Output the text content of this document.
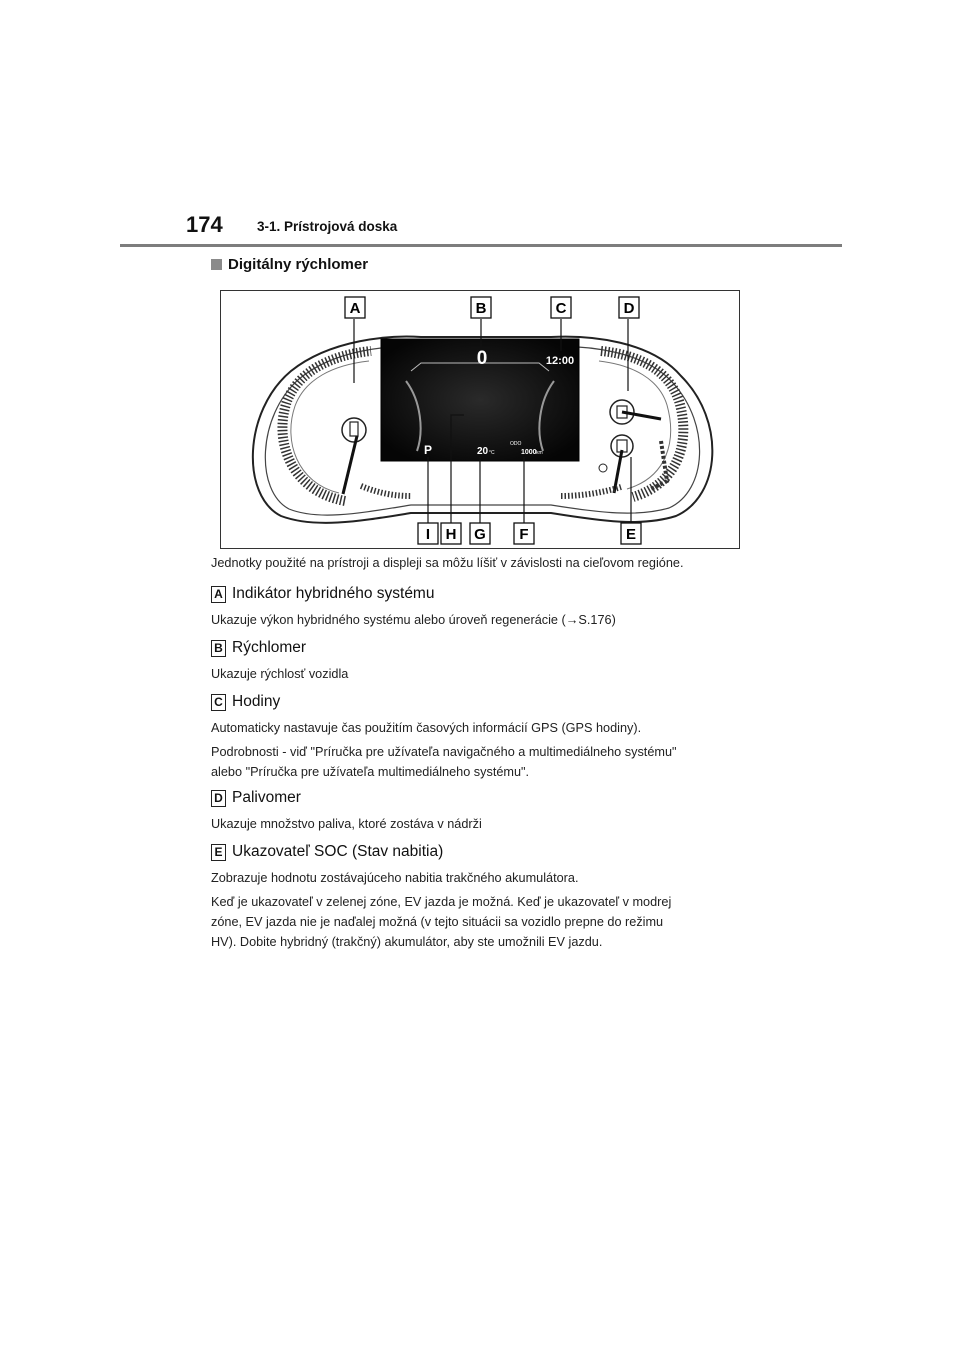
174	3-1. Prístrojová doska
Digitálny rýchlomer
0	12:00
P	20 °C
ODO
1000 km
A	B	C	D
I H G F	E
Jednotky použité na prístroji a displeji sa môžu líšiť v závislosti na cieľovom regióne.
A Indikátor hybridného systému
Ukazuje výkon hybridného systému alebo úroveň regenerácie (→S.176)
B Rýchlomer
Ukazuje rýchlosť vozidla
C Hodiny
Automaticky nastavuje čas použitím časových informácií GPS (GPS hodiny).
Podrobnosti - viď "Príručka pre užívateľa navigačného a multimediálneho systému"
alebo "Príručka pre užívateľa multimediálneho systému".
D Palivomer
Ukazuje množstvo paliva, ktoré zostáva v nádrži
E Ukazovateľ SOC (Stav nabitia)
Zobrazuje hodnotu zostávajúceho nabitia trakčného akumulátora.
Keď je ukazovateľ v zelenej zóne, EV jazda je možná. Keď je ukazovateľ v modrej
zóne, EV jazda nie je naďalej možná (v tejto situácii sa vozidlo prepne do režimu
HV). Dobite hybridný (trakčný) akumulátor, aby ste umožnili EV jazdu.
